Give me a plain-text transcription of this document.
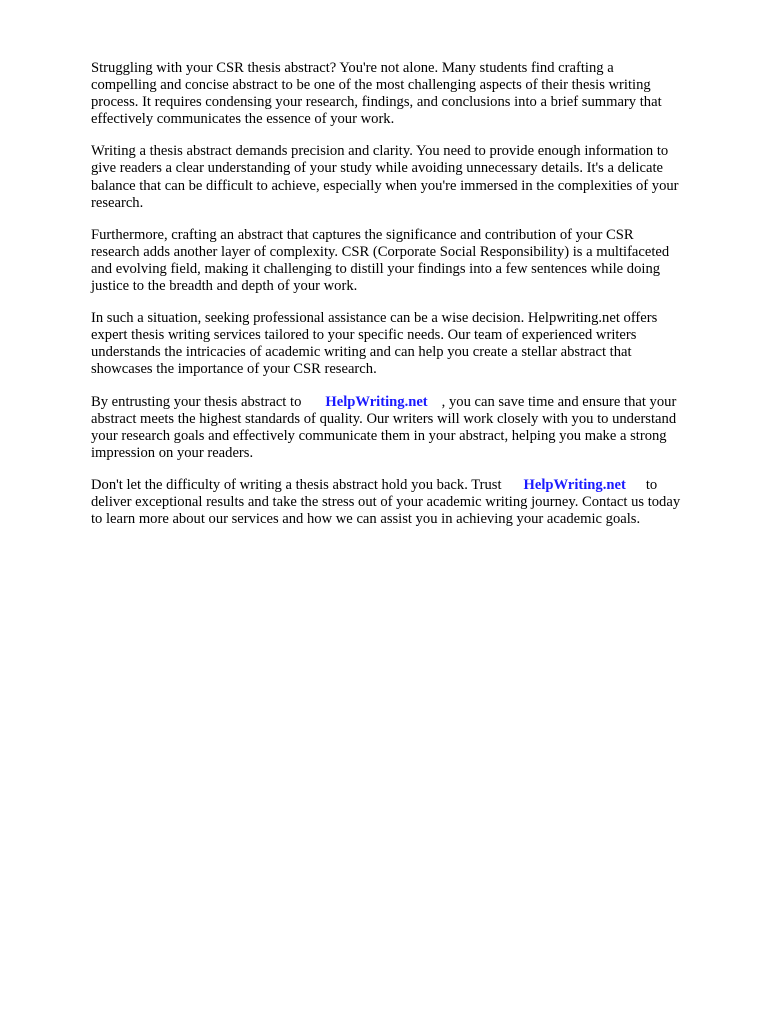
Struggling with your CSR thesis abstract? You're not alone. Many students find crafting a
compelling and concise abstract to be one of the most challenging aspects of their thesis writing
process. It requires condensing your research, findings, and conclusions into a brief summary that
effectively communicates the essence of your work.

Writing a thesis abstract demands precision and clarity. You need to provide enough information to
give readers a clear understanding of your study while avoiding unnecessary details. It's a delicate
balance that can be difficult to achieve, especially when you're immersed in the complexities of your
research.

Furthermore, crafting an abstract that captures the significance and contribution of your CSR
research adds another layer of complexity. CSR (Corporate Social Responsibility) is a multifaceted
and evolving field, making it challenging to distill your findings into a few sentences while doing
justice to the breadth and depth of your work.

In such a situation, seeking professional assistance can be a wise decision. Helpwriting.net offers
expert thesis writing services tailored to your specific needs. Our team of experienced writers
understands the intricacies of academic writing and can help you create a stellar abstract that
showcases the importance of your CSR research.

By entrusting your thesis abstract to HelpWriting.net , you can save time and ensure that your
abstract meets the highest standards of quality. Our writers will work closely with you to understand
your research goals and effectively communicate them in your abstract, helping you make a strong
impression on your readers.

Don't let the difficulty of writing a thesis abstract hold you back. Trust HelpWriting.net to
deliver exceptional results and take the stress out of your academic writing journey. Contact us today
to learn more about our services and how we can assist you in achieving your academic goals.
